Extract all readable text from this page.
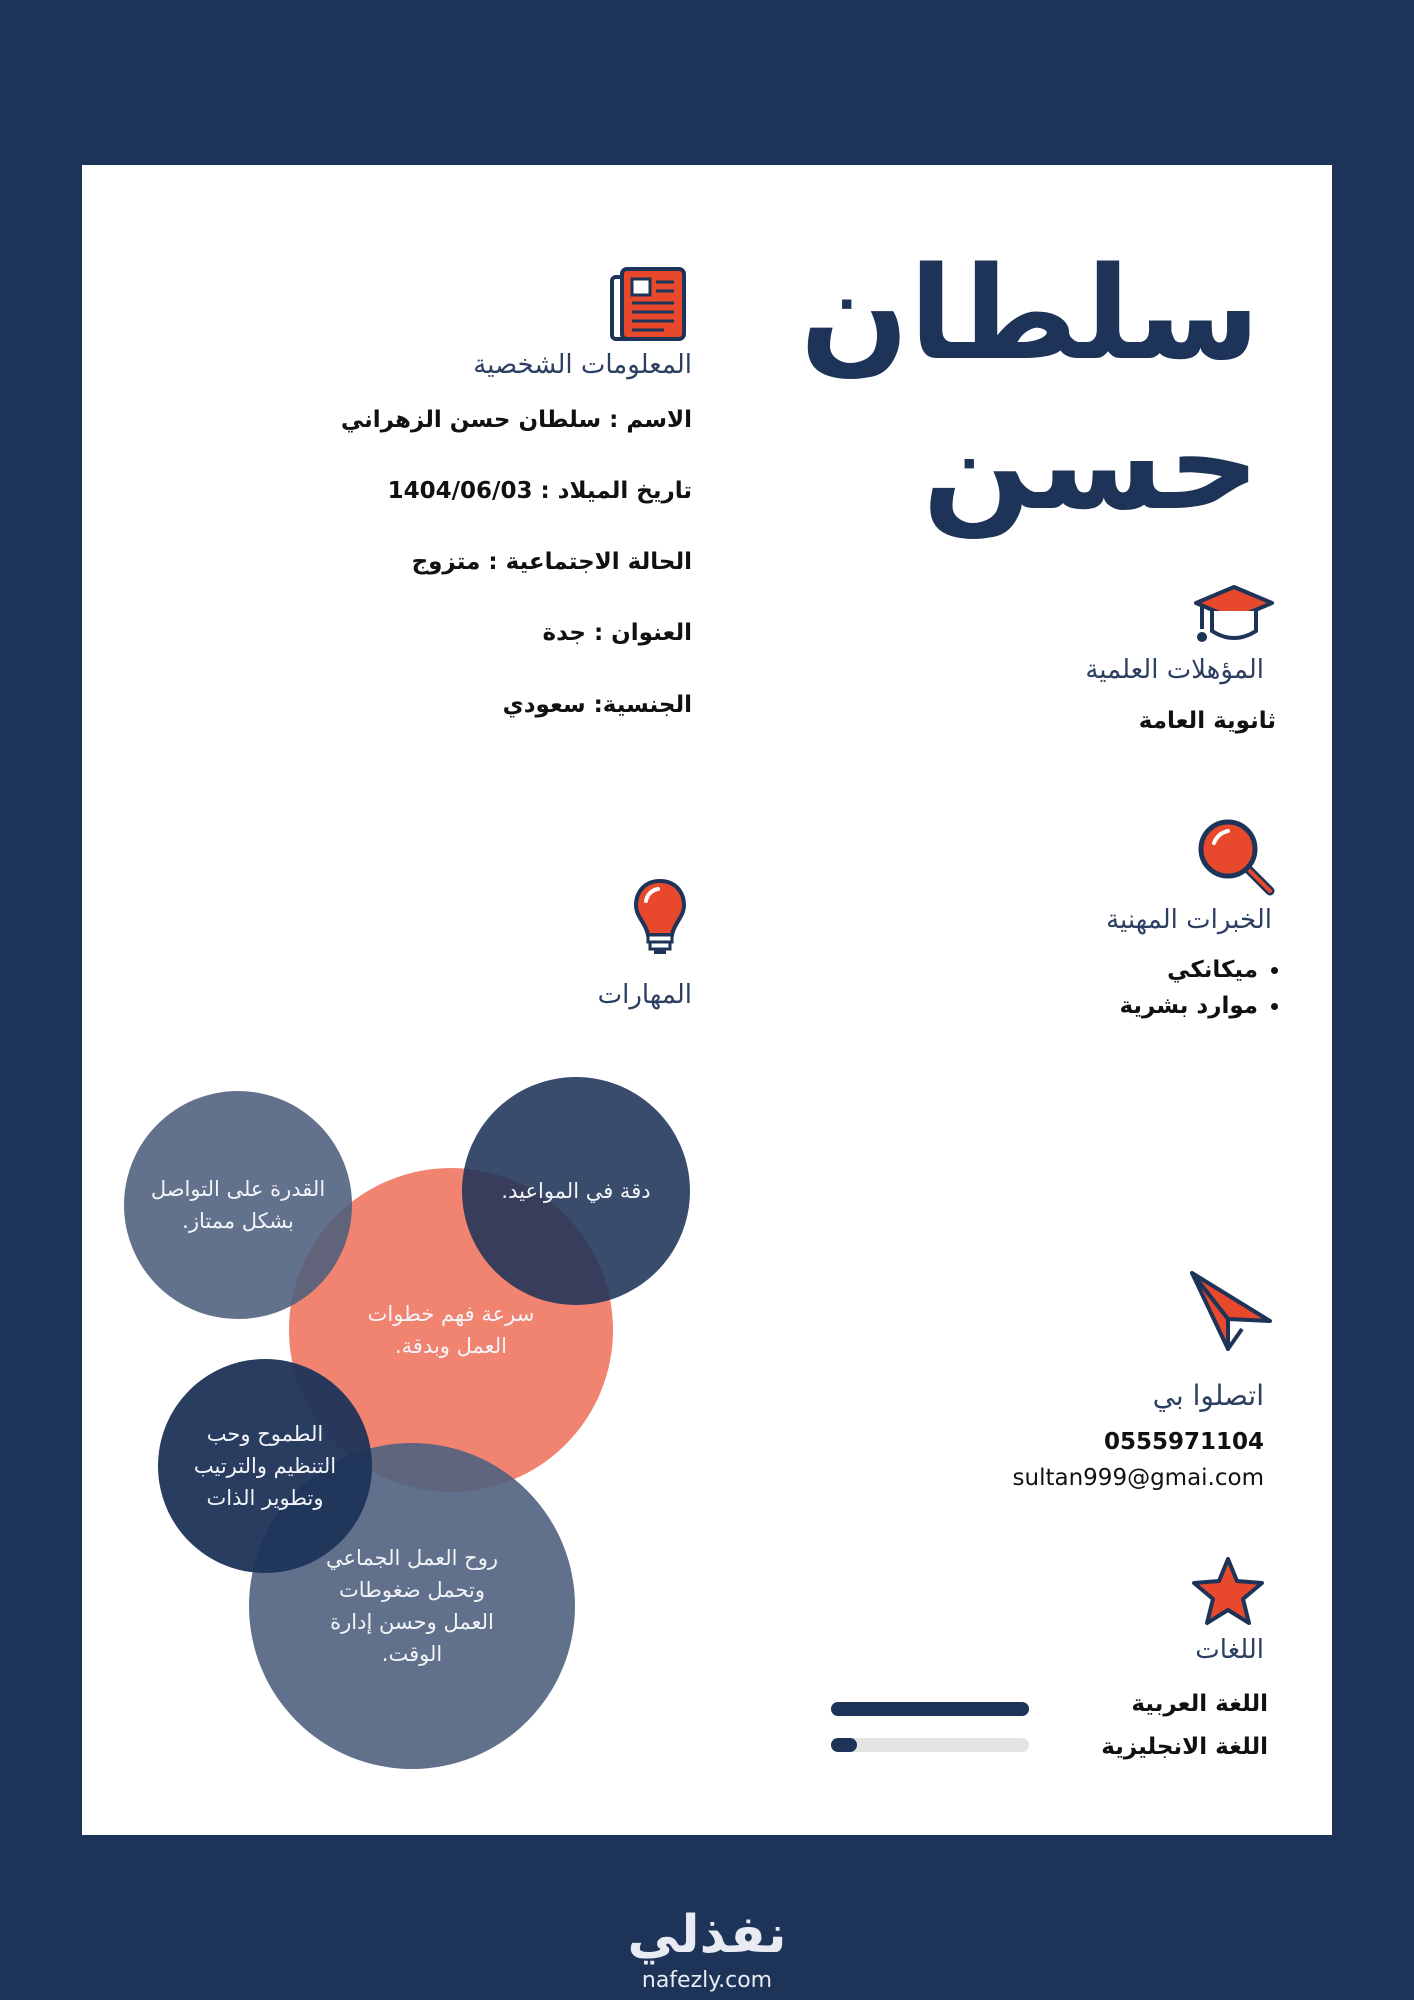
سلطان
حسن
المعلومات الشخصية
الاسم : سلطان حسن الزهراني
تاريخ الميلاد : 1404/06/03
الحالة الاجتماعية : متزوج
العنوان : جدة
الجنسية: سعودي
المؤهلات العلمية
ثانوية العامة
الخبرات المهنية
• ميكانكي
• موارد بشرية
المهارات
سرعة فهم خطوات العمل وبدقة.
القدرة على التواصل بشكل ممتاز.
دقة في المواعيد.
روح العمل الجماعي وتحمل ضغوطات العمل وحسن إدارة الوقت.
الطموح وحب التنظيم والترتيب وتطوير الذات
اتصلوا بي
0555971104
sultan999@gmai.com
اللغات
اللغة العربية
اللغة الانجليزية
نفذلي
nafezly.com
